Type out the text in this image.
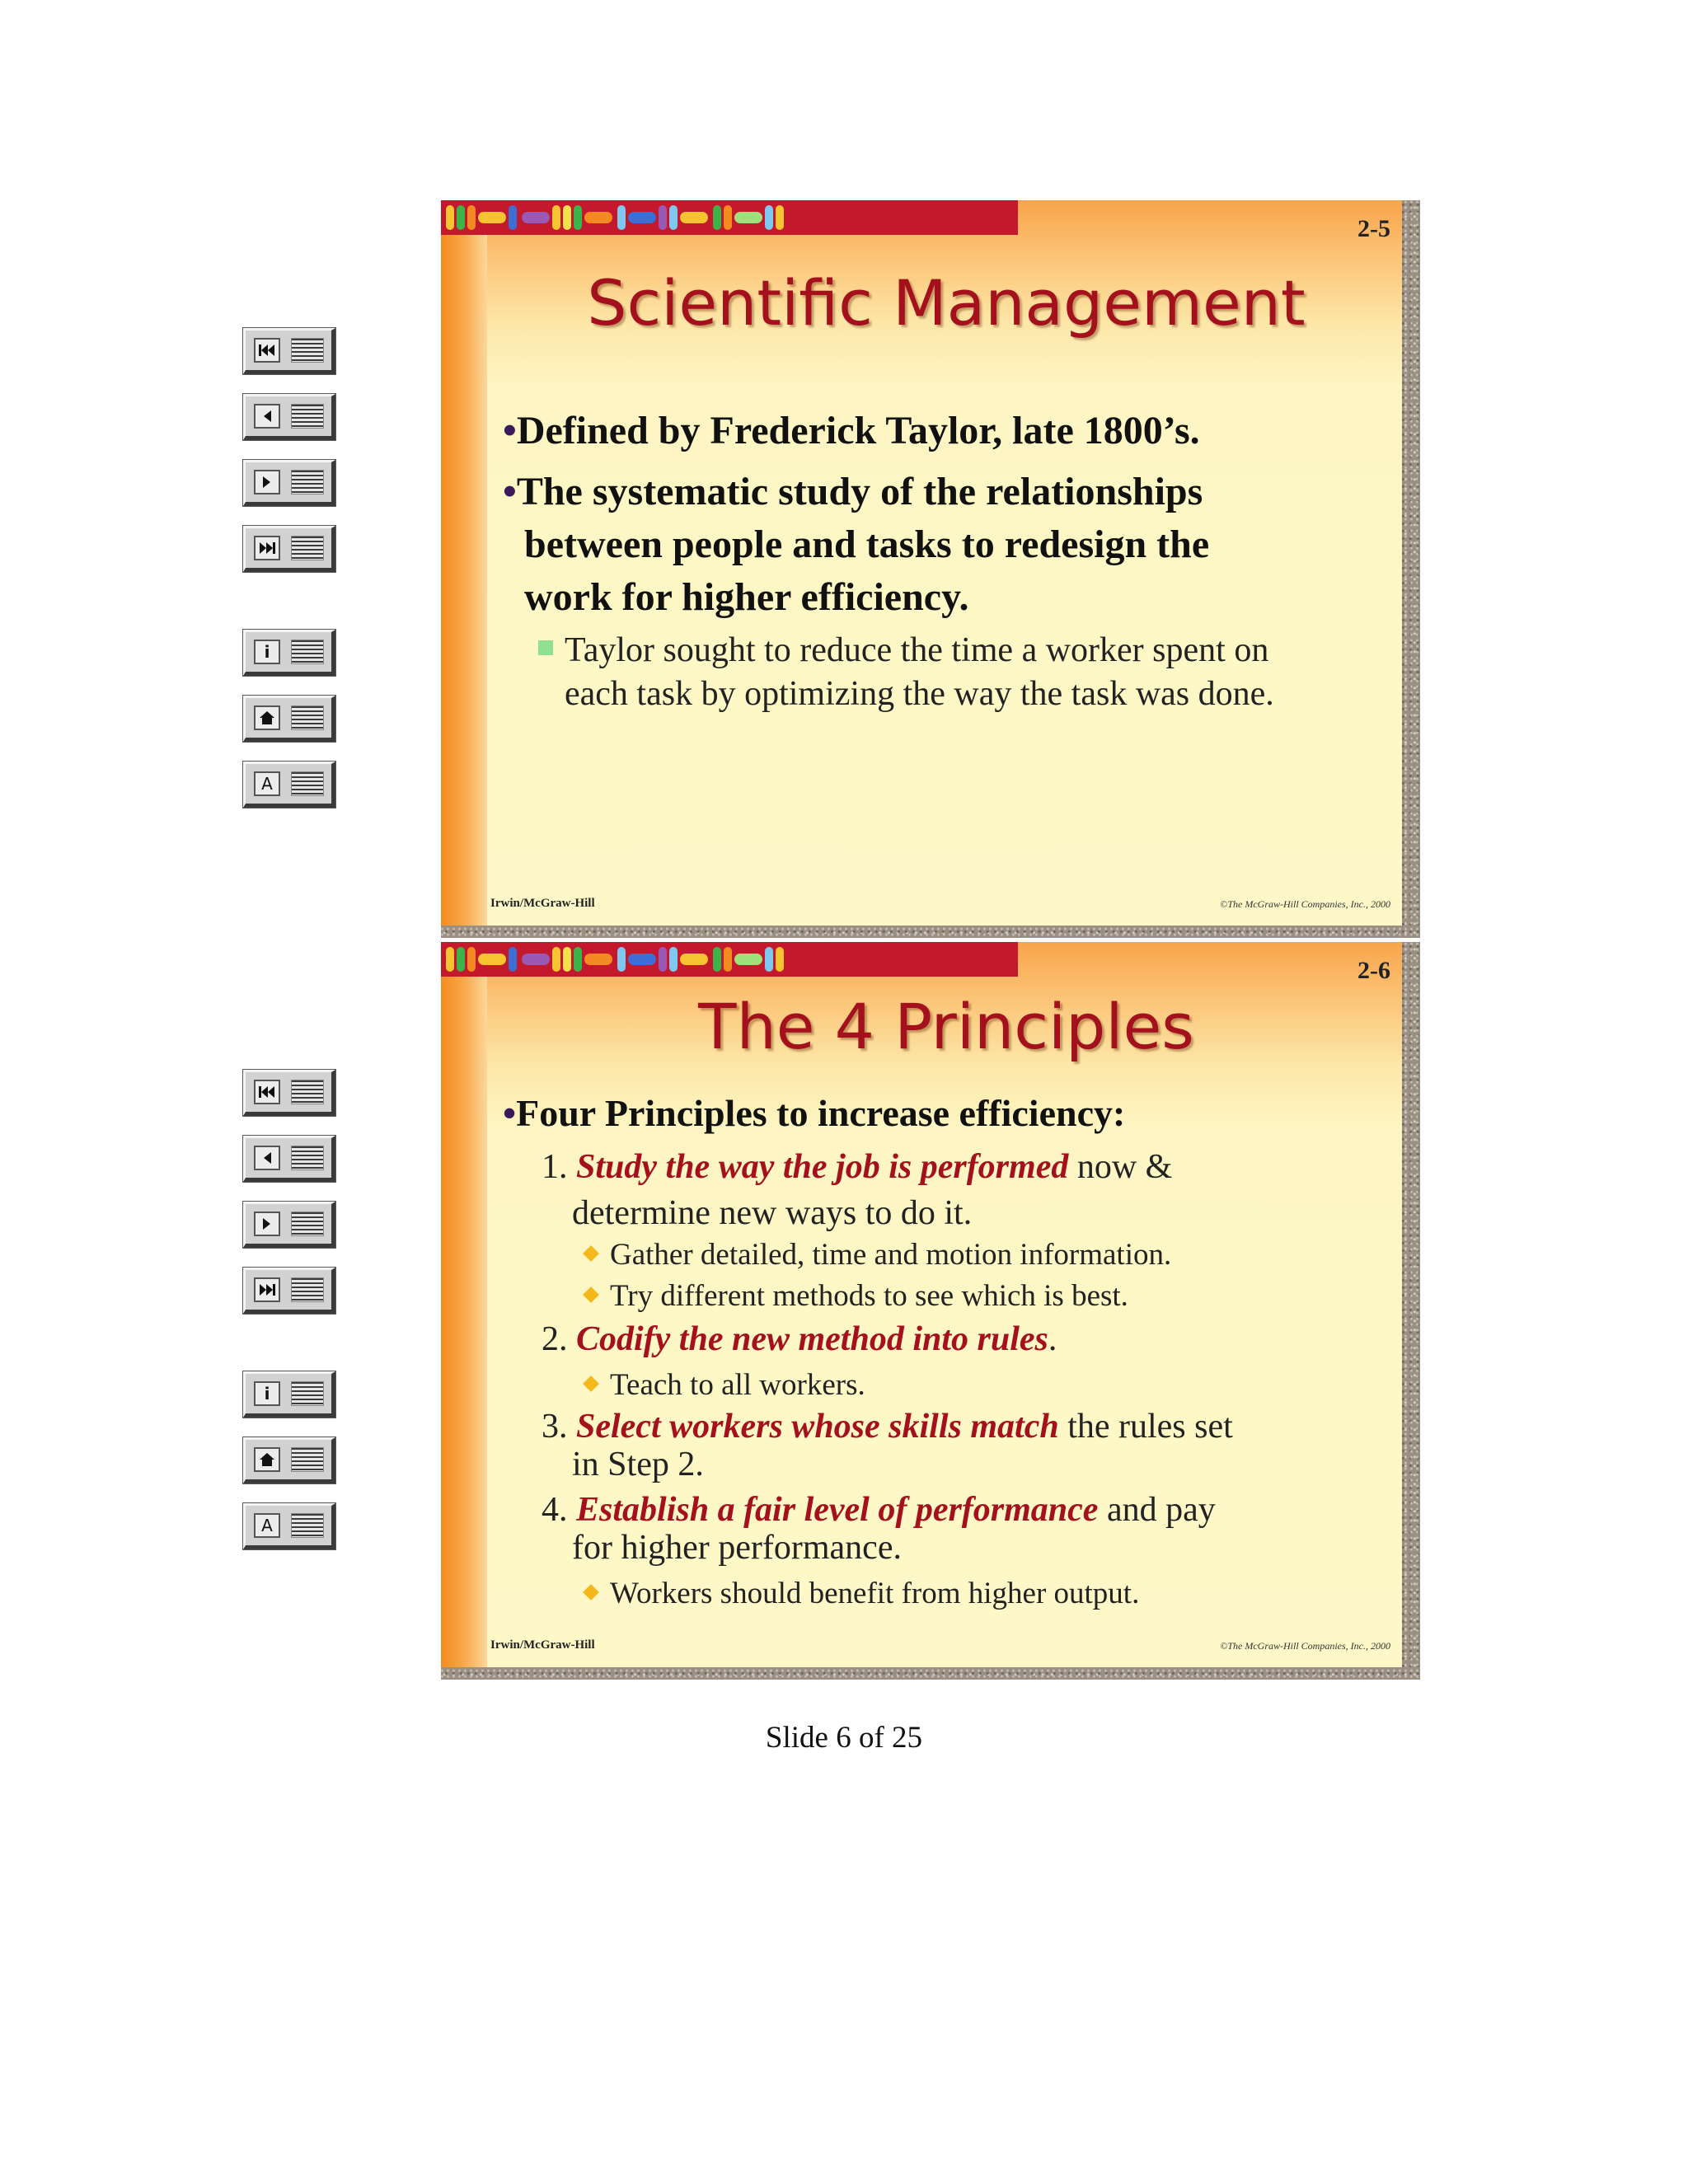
i
A
i
A
2-5
Scientific Management
•Defined by Frederick Taylor, late 1800’s.
•The systematic study of the relationships
between people and tasks to redesign the
work for higher efficiency.
Taylor sought to reduce the time a worker spent on
each task by optimizing the way the task was done.
Irwin/McGraw-Hill	©The McGraw-Hill Companies, Inc., 2000
2-6
The 4 Principles
•Four Principles to increase efficiency:
1. Study the way the job is performed now &
determine new ways to do it.
Gather detailed, time and motion information.
Try different methods to see which is best.
2. Codify the new method into rules.
Teach to all workers.
3. Select workers whose skills match the rules set
in Step 2.
4. Establish a fair level of performance and pay
for higher performance.
Workers should benefit from higher output.
Irwin/McGraw-Hill	©The McGraw-Hill Companies, Inc., 2000
Slide 6 of 25
